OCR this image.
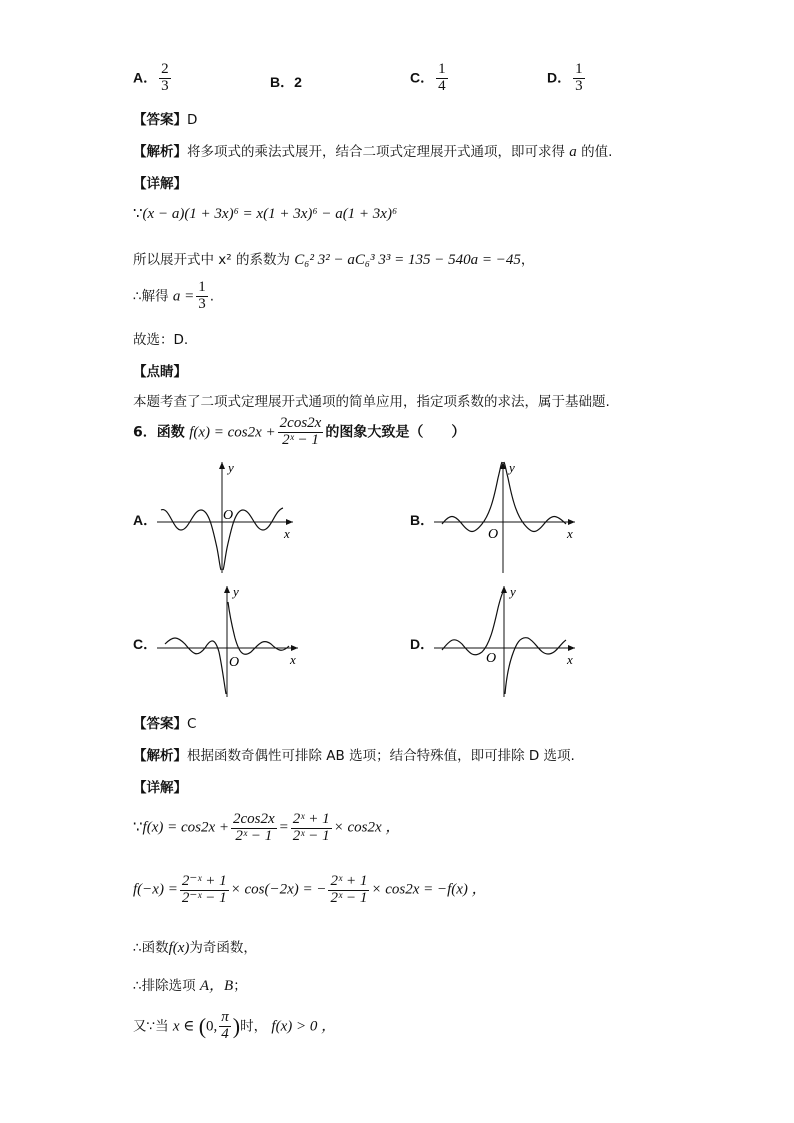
A． $\frac{2}{3}$	B．2	C． $\frac{1}{4}$	D． $\frac{1}{3}$
【答案】D
【解析】将多项式的乘法式展开，结合二项式定理展开式通项，即可求得 a 的值.
【详解】
∵(x − a)(1 + 3x)⁶ = x(1 + 3x)⁶ − a(1 + 3x)⁶
所以展开式中 x² 的系数为 C₆² 3² − aC₆³ 3³ = 135 − 540a = −45，
∴解得 $a = \frac{1}{3}$ .
故选：D.
【点睛】
本题考查了二项式定理展开式通项的简单应用，指定项系数的求法，属于基础题.
6．函数 $f(x) = \cos 2x + \frac{2\cos 2x}{\text{2ˣ − 1}}$ 的图象大致是（　　）
A．
y
x
O	B．
y
x
O
C．
y
x
O
D．
y
x
O
【答案】C
【解析】根据函数奇偶性可排除 AB 选项；结合特殊值，即可排除 D 选项.
【详解】
∵f(x) = $\cos 2x + \frac{2\cos 2x}{\text{2ˣ − 1}} = \frac{\text{2ˣ + 1}}{\text{2ˣ − 1}} \times \cos 2x$ ，
$f(-x) = \frac{\text{2⁻ˣ + 1}}{\text{2⁻ˣ − 1}} \times \cos(-2x)$ = − $\frac{\text{2ˣ + 1}}{\text{2ˣ − 1}} \times \cos 2x = -f(x)$ ，
∴函数f(x)为奇函数，
∴排除选项 A，B；
又∵当 x ∈ (0, $\frac{\pi}{4}$ )时， f(x) > 0 ，
